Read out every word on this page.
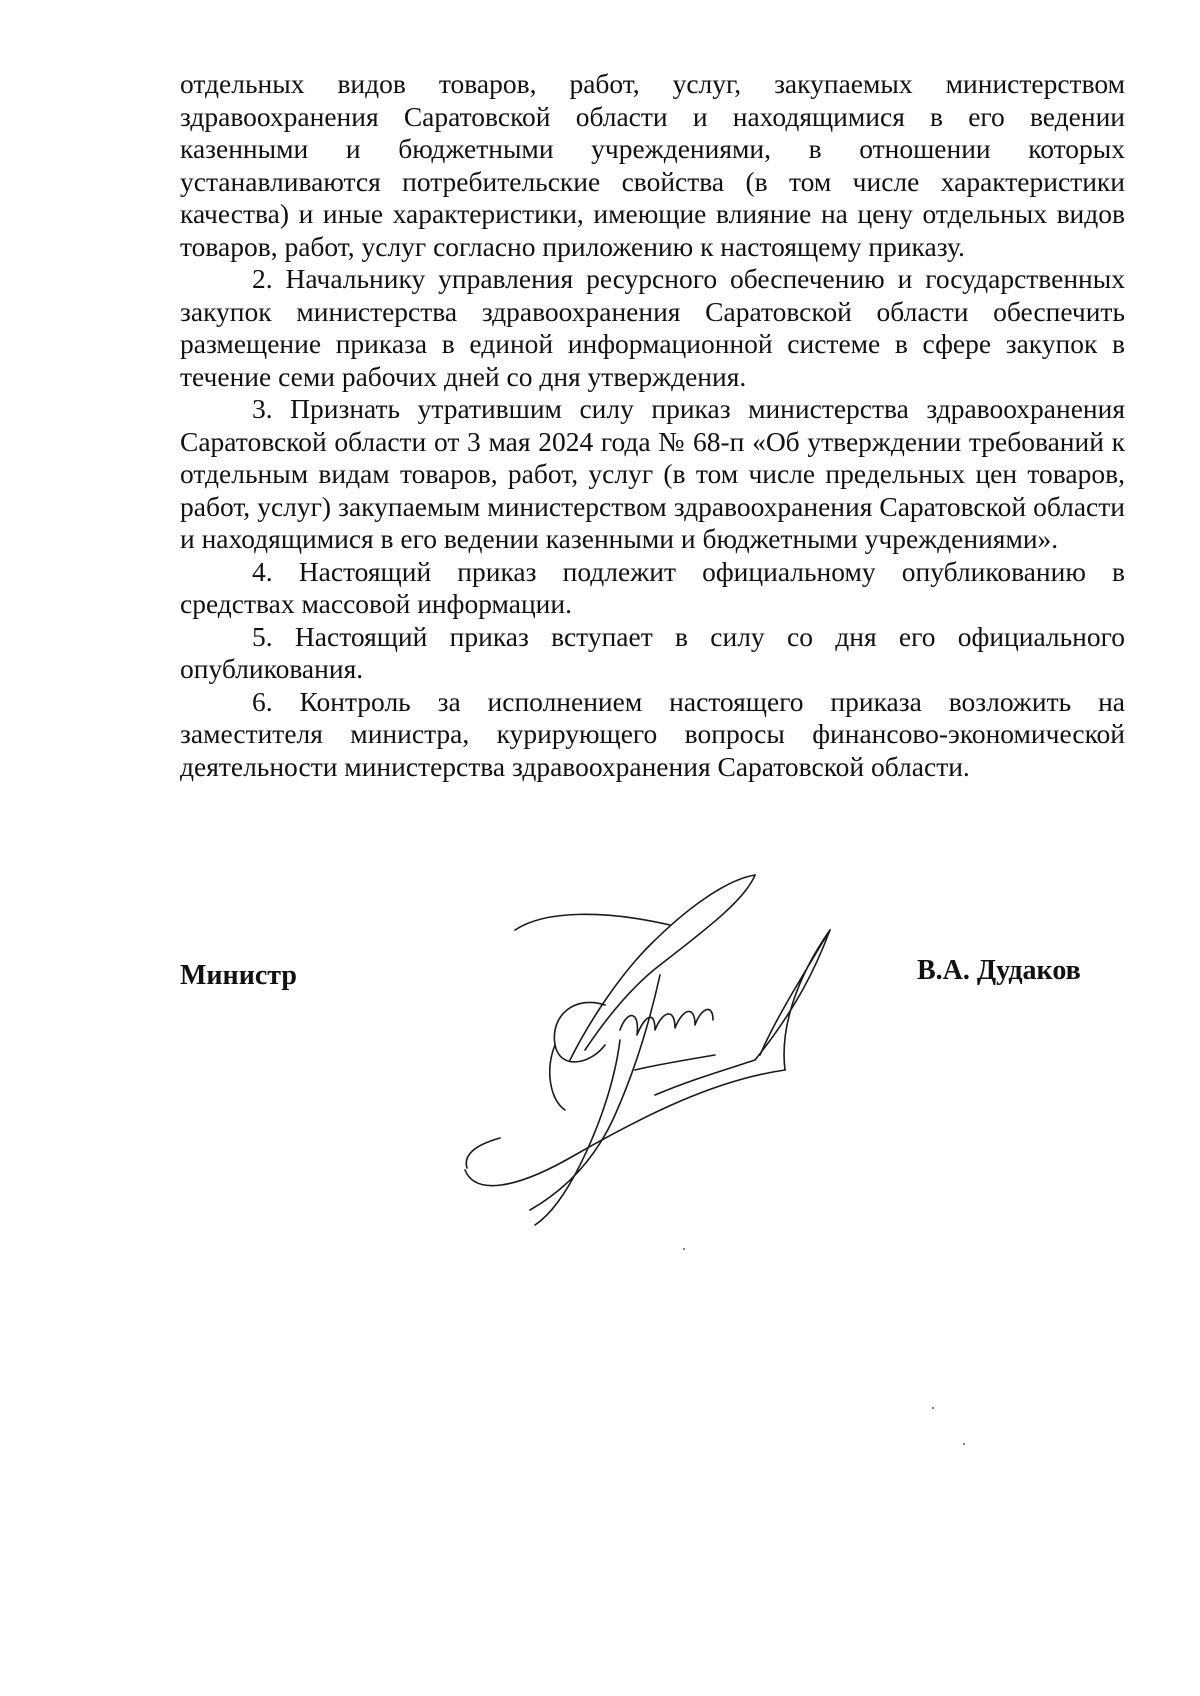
отдельных видов товаров, работ, услуг, закупаемых министерством здравоохранения Саратовской области и находящимися в его ведении казенными и бюджетными учреждениями, в отношении которых устанавливаются потребительские свойства (в том числе характеристики качества) и иные характеристики, имеющие влияние на цену отдельных видов товаров, работ, услуг согласно приложению к настоящему приказу.

2. Начальнику управления ресурсного обеспечению и государственных закупок министерства здравоохранения Саратовской области обеспечить размещение приказа в единой информационной системе в сфере закупок в течение семи рабочих дней со дня утверждения.

3. Признать утратившим силу приказ министерства здравоохранения Саратовской области от 3 мая 2024 года № 68-п «Об утверждении требований к отдельным видам товаров, работ, услуг (в том числе предельных цен товаров, работ, услуг) закупаемым министерством здравоохранения Саратовской области и находящимися в его ведении казенными и бюджетными учреждениями».

4. Настоящий приказ подлежит официальному опубликованию в средствах массовой информации.

5. Настоящий приказ вступает в силу со дня его официального опубликования.

6. Контроль за исполнением настоящего приказа возложить на заместителя министра, курирующего вопросы финансово-экономической деятельности министерства здравоохранения Саратовской области.

Министр	В.А. Дудаков
